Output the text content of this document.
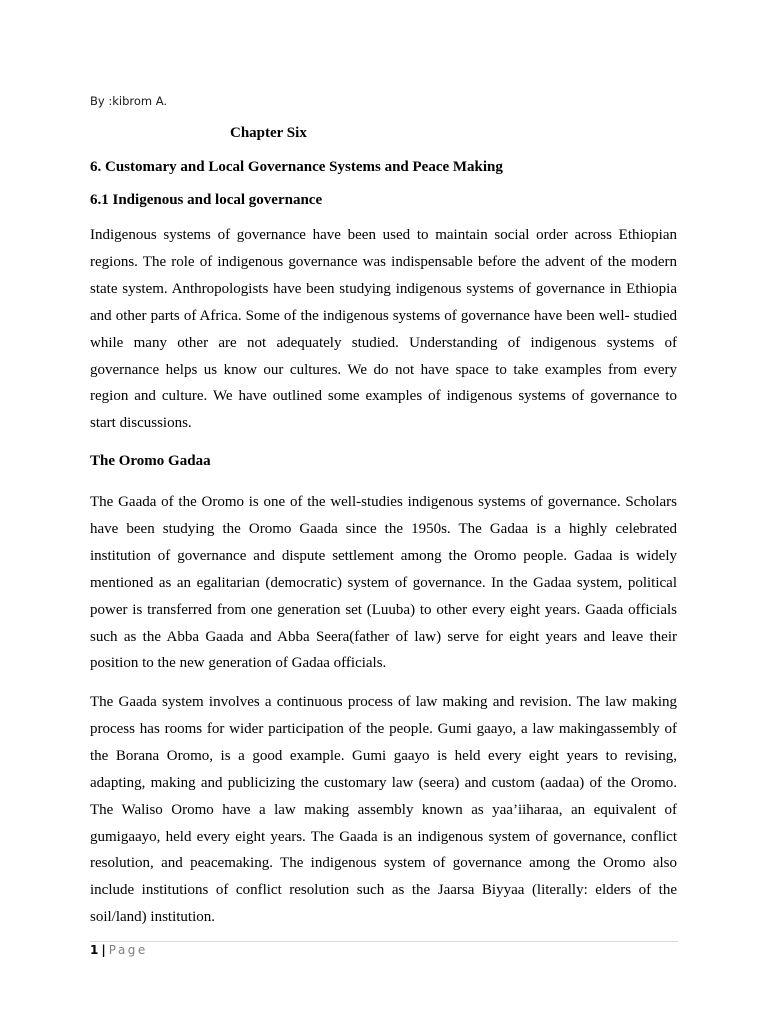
By :kibrom A.
Chapter Six
6. Customary and Local Governance Systems and Peace Making
6.1 Indigenous and local governance

Indigenous systems of governance have been used to maintain social order across Ethiopian regions. The role of indigenous governance was indispensable before the advent of the modern state system. Anthropologists have been studying indigenous systems of governance in Ethiopia and other parts of Africa. Some of the indigenous systems of governance have been well- studied while many other are not adequately studied. Understanding of indigenous systems of governance helps us know our cultures. We do not have space to take examples from every region and culture. We have outlined some examples of indigenous systems of governance to start discussions.

The Oromo Gadaa

The Gaada of the Oromo is one of the well-studies indigenous systems of governance. Scholars have been studying the Oromo Gaada since the 1950s. The Gadaa is a highly celebrated institution of governance and dispute settlement among the Oromo people. Gadaa is widely mentioned as an egalitarian (democratic) system of governance. In the Gadaa system, political power is transferred from one generation set (Luuba) to other every eight years. Gaada officials such as the Abba Gaada and Abba Seera(father of law) serve for eight years and leave their position to the new generation of Gadaa officials.

The Gaada system involves a continuous process of law making and revision. The law making process has rooms for wider participation of the people. Gumi gaayo, a law makingassembly of the Borana Oromo, is a good example. Gumi gaayo is held every eight years to revising, adapting, making and publicizing the customary law (seera) and custom (aadaa) of the Oromo. The Waliso Oromo have a law making assembly known as yaa’iiharaa, an equivalent of gumigaayo, held every eight years. The Gaada is an indigenous system of governance, conflict resolution, and peacemaking. The indigenous system of governance among the Oromo also include institutions of conflict resolution such as the Jaarsa Biyyaa (literally: elders of the soil/land) institution.

1 | Page
